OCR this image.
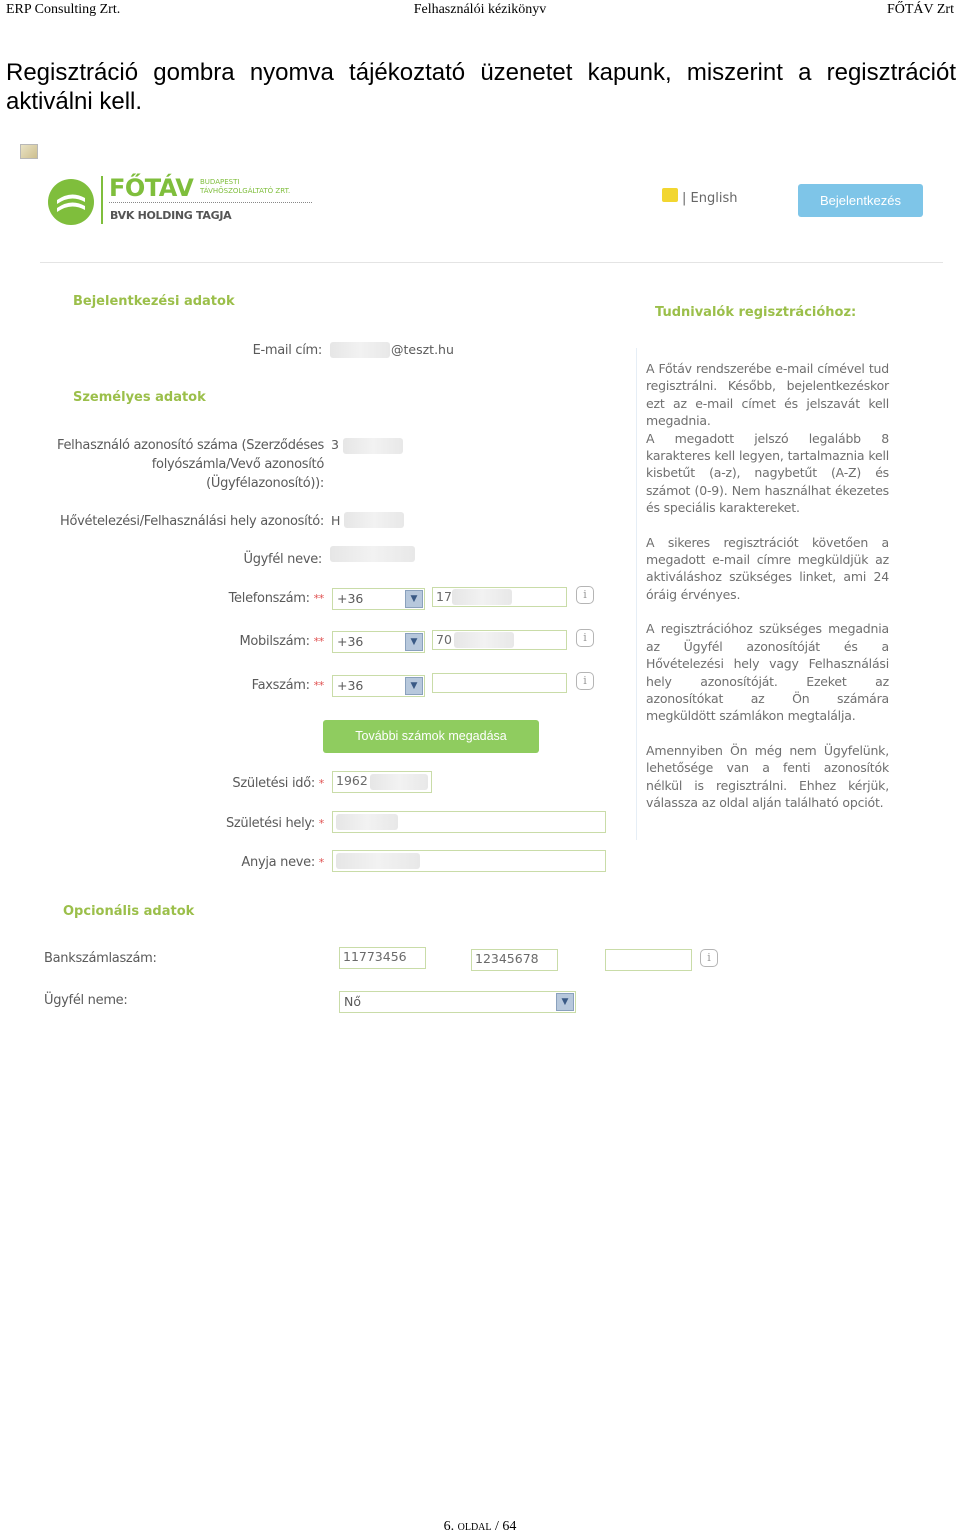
ERP Consulting Zrt.	Felhasználói kézikönyv	FŐTÁV Zrt

Regisztráció gombra nyomva tájékoztató üzenetet kapunk, miszerint a regisztrációt aktiválni kell.

FŐTÁV BUDAPESTI
TÁVHŐSZOLGÁLTATÓ ZRT.
BVK HOLDING TAGJA
| English	Bejelentkezés
Bejelentkezési adatok
Személyes adatok
Opcionális adatok
Tudnivalók regisztrációhoz:
E-mail cím:	@teszt.hu
Felhasználó azonosító száma (Szerződéses
folyószámla/Vevő azonosító
(Ügyfélazonosító)):
3
Hővételezési/Felhasználási hely azonosító: H
Ügyfél neve:
Telefonszám: **	+36	▼	17	i
Mobilszám: **	+36	▼	70	i
Faxszám: **	+36	▼	i
További számok megadása
Születési idő: * 1962
Születési hely: *
Anyja neve: *

A Főtáv rendszerébe e-mail címével tud regisztrálni. Később, bejelentkezéskor ezt az e-mail címet és jelszavát kell megadnia.

A megadott jelszó legalább 8 karakteres kell legyen, tartalmaznia kell kisbetűt (a-z), nagybetűt (A-Z) és számot (0-9). Nem használhat ékezetes és speciális karaktereket.

A sikeres regisztrációt követően a megadott e-mail címre megküldjük az aktiváláshoz szükséges linket, ami 24 óráig érvényes.

A regisztrációhoz szükséges megadnia az Ügyfél azonosítóját és a Hővételezési hely vagy Felhasználási hely azonosítóját. Ezeket az azonosítókat az Ön számára megküldött számlákon megtalálja.

Amennyiben Ön még nem Ügyfelünk, lehetősége van a fenti azonosítók nélkül is regisztrálni. Ehhez kérjük, válassza az oldal alján található opciót.

Bankszámlaszám:	11773456	12345678	i
Ügyfél neme:	Nő	▼
6. oldal / 64
